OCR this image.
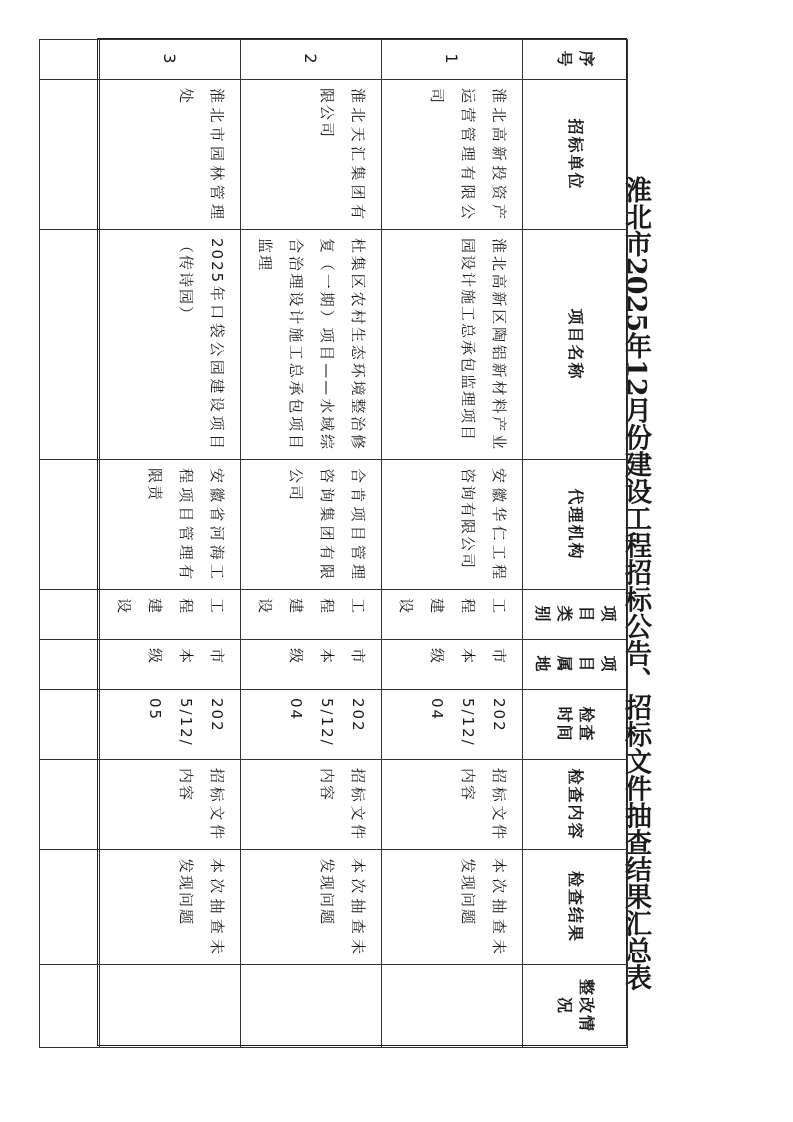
淮北市2025年12月份建设工程招标公告、招标文件抽查结果汇总表
序号	招标单位	项目名称	代理机构	项目类别	项目属地	检查时间	检查内容	检查结果	整改情况
1	淮北高新投资产运营管理有限公司	淮北高新区陶铝新材料产业园设计施工总承包监理项目	安徽华仁工程咨询有限公司	工程建设	市本级	2025/12/04	招标文件内容	本次抽查未发现问题	
2	淮北天汇集团有限公司	杜集区农村生态环境整治修复（一期）项目——水域综合治理设计施工总承包项目监理	合肯项目管理咨询集团有限公司	工程建设	市本级	2025/12/04	招标文件内容	本次抽查未发现问题	
3	淮北市园林管理处	2025年口袋公园建设项目（传诗园）	安徽省河海工程项目管理有限责	工程建设	市本级	2025/12/05	招标文件内容	本次抽查未发现问题	
